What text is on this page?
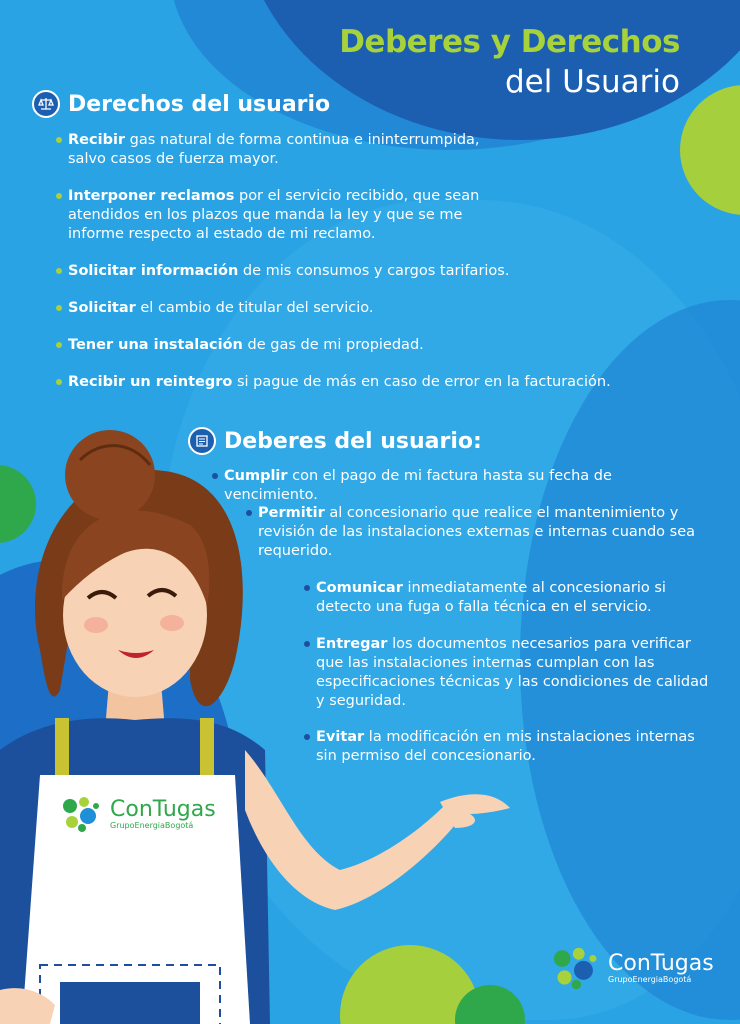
Deberes y Derechos
del Usuario
Derechos del usuario
Recibir gas natural de forma continua e ininterrumpida, salvo casos de fuerza mayor.
Interponer reclamos por el servicio recibido, que sean atendidos en los plazos que manda la ley y que se me informe respecto al estado de mi reclamo.
Solicitar información de mis consumos y cargos tarifarios.
Solicitar el cambio de titular del servicio.
Tener una instalación de gas de mi propiedad.
Recibir un reintegro si pague de más en caso de error en la facturación.
Deberes del usuario:
Cumplir con el pago de mi factura hasta su fecha de vencimiento.
Permitir al concesionario que realice el mantenimiento y revisión de las instalaciones externas e internas cuando sea requerido.
Comunicar inmediatamente al concesionario si detecto una fuga o falla técnica en el servicio.
Entregar los documentos necesarios para verificar que las instalaciones internas cumplan con las especificaciones técnicas y las condiciones de calidad y seguridad.
Evitar la modificación en mis instalaciones internas sin permiso del concesionario.
ConTugas
GrupoEnergiaBogotá
ConTugas
GrupoEnergiaBogotá
